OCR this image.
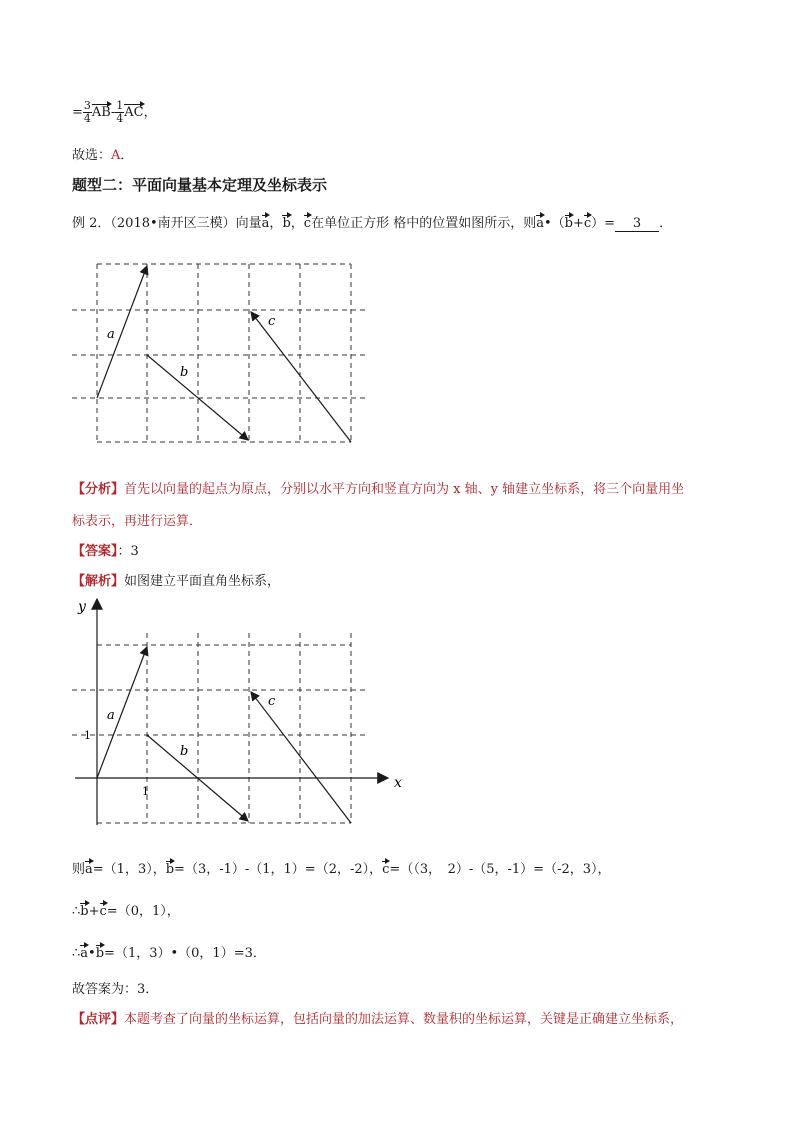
= $\frac{3}{4} AB- \frac{1}{4}$ AC，
故选：A．
题型二：平面向量基本定理及坐标表示
例 2．（2018•南开区三模）向量a，b，c在单位正方形 格中的位置如图所示，则a•（b+c）= 3 ．
a
b
c
【分析】首先以向量的起点为原点，分别以水平方向和竖直方向为 x 轴、y 轴建立坐标系，将三个向量用坐
标表示，再进行运算．
【答案】：3
【解析】如图建立平面直角坐标系，
a
b
c
y
x
1
1
则a=（1，3），b=（3，-1）-（1，1）=（2，-2），c=（（3，　2）-（5，-1）=（-2，3），
∴b+c=（0，1），
∴a•b=（1，3）•（0，1）=3．
故答案为：3．
【点评】本题考查了向量的坐标运算，包括向量的加法运算、数量积的坐标运算，关键是正确建立坐标系，
